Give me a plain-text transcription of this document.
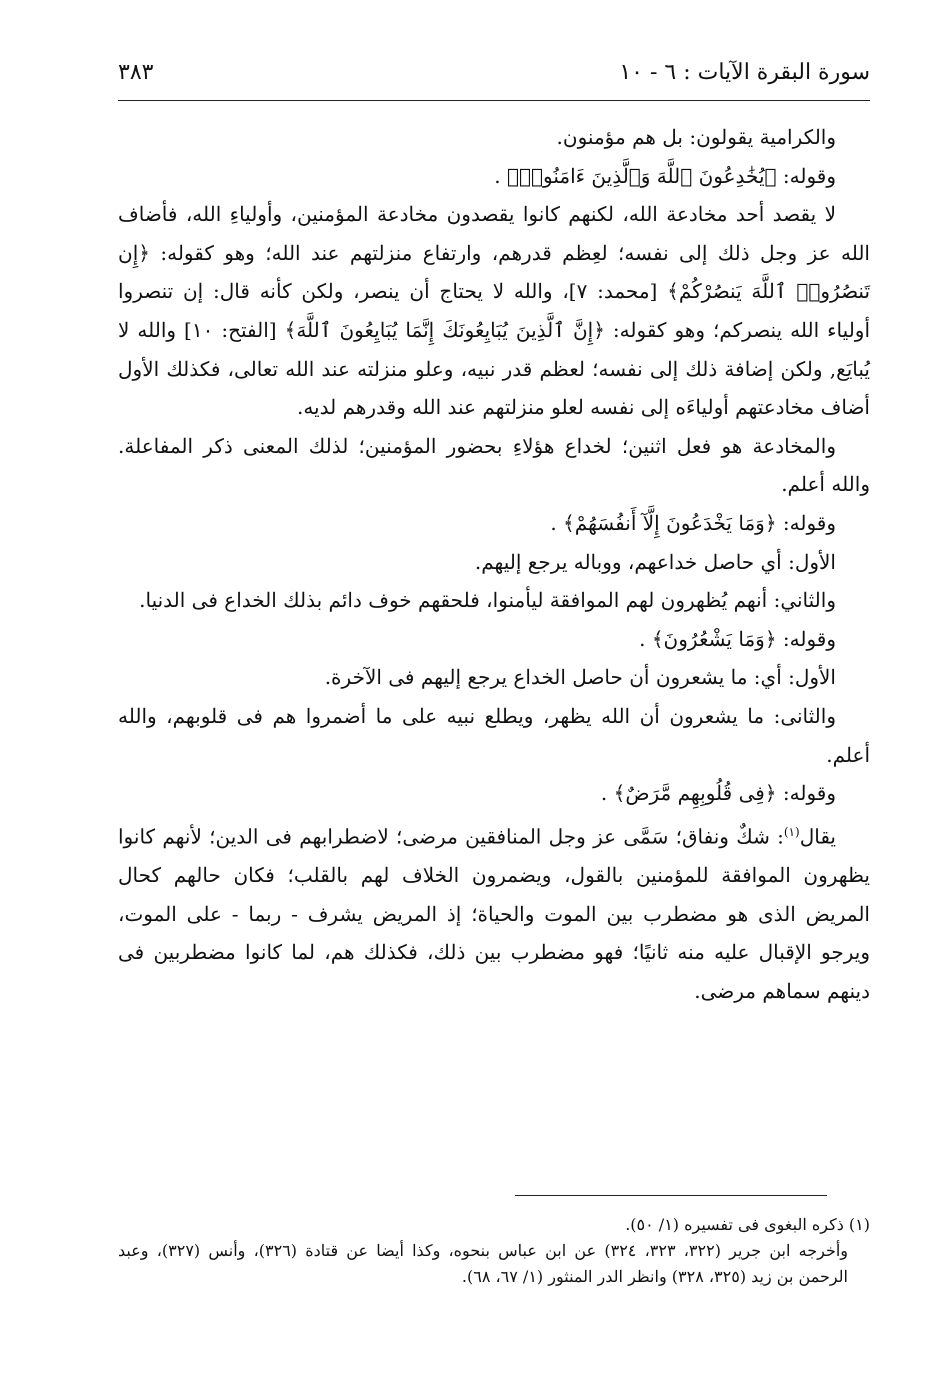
سورة البقرة الآيات : ٦ - ١٠
٣٨٣

والكرامية يقولون: بل هم مؤمنون.

وقوله: ﴿يُخَٰدِعُونَ ٱللَّهَ وَٱلَّذِينَ ءَامَنُوا۟﴾ .

لا يقصد أحد مخادعة الله، لكنهم كانوا يقصدون مخادعة المؤمنين، وأولياءِ الله، فأضاف الله عز وجل ذلك إلى نفسه؛ لعِظم قدرهم، وارتفاع منزلتهم عند الله؛ وهو كقوله: ﴿إِن تَنصُرُوا۟ ٱللَّهَ يَنصُرْكُمْ﴾ [محمد: ٧]، والله لا يحتاج أن ينصر، ولكن كأنه قال: إن تنصروا أولياء الله ينصركم؛ وهو كقوله: ﴿إِنَّ ٱلَّذِينَ يُبَايِعُونَكَ إِنَّمَا يُبَايِعُونَ ٱللَّهَ﴾ [الفتح: ١٠] والله لا يُبايَع, ولكن إضافة ذلك إلى نفسه؛ لعظم قدر نبيه، وعلو منزلته عند الله تعالى، فكذلك الأول أضاف مخادعتهم أولياءَه إلى نفسه لعلو منزلتهم عند الله وقدرهم لديه.

والمخادعة هو فعل اثنين؛ لخداع هؤلاءِ بحضور المؤمنين؛ لذلك المعنى ذكر المفاعلة. والله أعلم.

وقوله: ﴿وَمَا يَخْدَعُونَ إِلَّآ أَنفُسَهُمْ﴾ .

الأول: أي حاصل خداعهم، ووباله يرجع إليهم.

والثاني: أنهم يُظهرون لهم الموافقة ليأمنوا، فلحقهم خوف دائم بذلك الخداع فى الدنيا.

وقوله: ﴿وَمَا يَشْعُرُونَ﴾ .

الأول: أي: ما يشعرون أن حاصل الخداع يرجع إليهم فى الآخرة.

والثانى: ما يشعرون أن الله يظهر، ويطلع نبيه على ما أضمروا هم فى قلوبهم، والله أعلم.

وقوله: ﴿فِى قُلُوبِهِم مَّرَضٌ﴾ .

يقال$^{(١)}$: شكٌ ونفاق؛ سَمَّى عز وجل المنافقين مرضى؛ لاضطرابهم فى الدين؛ لأنهم كانوا يظهرون الموافقة للمؤمنين بالقول، ويضمرون الخلاف لهم بالقلب؛ فكان حالهم كحال المريض الذى هو مضطرب بين الموت والحياة؛ إذ المريض يشرف - ربما - على الموت، ويرجو الإقبال عليه منه ثانيًا؛ فهو مضطرب بين ذلك، فكذلك هم، لما كانوا مضطربين فى دينهم سماهم مرضى.

(١) ذكره البغوى فى تفسيره (١/ ٥٠).

وأخرجه ابن جرير (٣٢٢، ٣٢٣، ٣٢٤) عن ابن عباس بنحوه، وكذا أيضا عن قتادة (٣٢٦)، وأنس (٣٢٧)، وعبد الرحمن بن زيد (٣٢٥، ٣٢٨) وانظر الدر المنثور (١/ ٦٧، ٦٨).
